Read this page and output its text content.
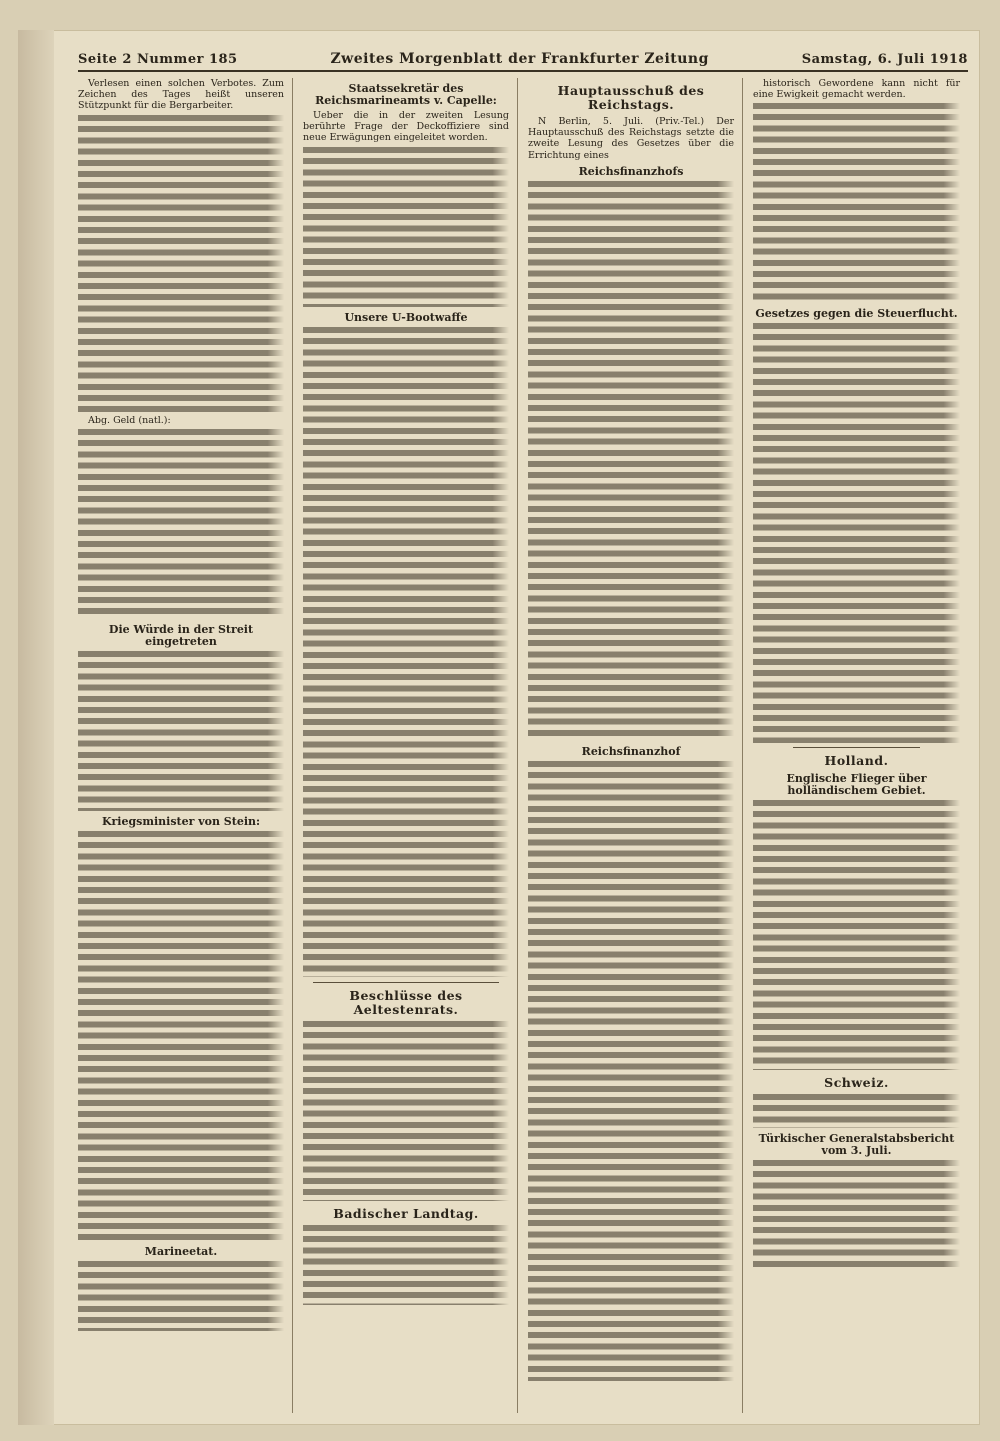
Seite 2 Nummer 185	Zweites Morgenblatt der Frankfurter Zeitung	Samstag, 6. Juli 1918

Verlesen einen solchen Verbotes. Zum Zeichen des Tages heißt unseren Stützpunkt für die Bergarbeiter.

Abg. Geld (natl.):

Die Würde in der Streit eingetreten
Kriegsminister von Stein:
Marineetat.
Staatssekretär des Reichsmarineamts v. Capelle:

Ueber die in der zweiten Lesung berührte Frage der Deckoffiziere sind neue Erwägungen eingeleitet worden.

Unsere U-Bootwaffe
Beschlüsse des Aeltestenrats.
Badischer Landtag.
Hauptausschuß des Reichstags.

N Berlin, 5. Juli. (Priv.-Tel.) Der Hauptausschuß des Reichstags setzte die zweite Lesung des Gesetzes über die Errichtung eines

Reichsfinanzhofs
Reichsfinanzhof

historisch Gewordene kann nicht für eine Ewigkeit gemacht werden.

Gesetzes gegen die Steuerflucht.
Holland.
Englische Flieger über holländischem Gebiet.
Schweiz.
Türkischer Generalstabsbericht vom 3. Juli.
